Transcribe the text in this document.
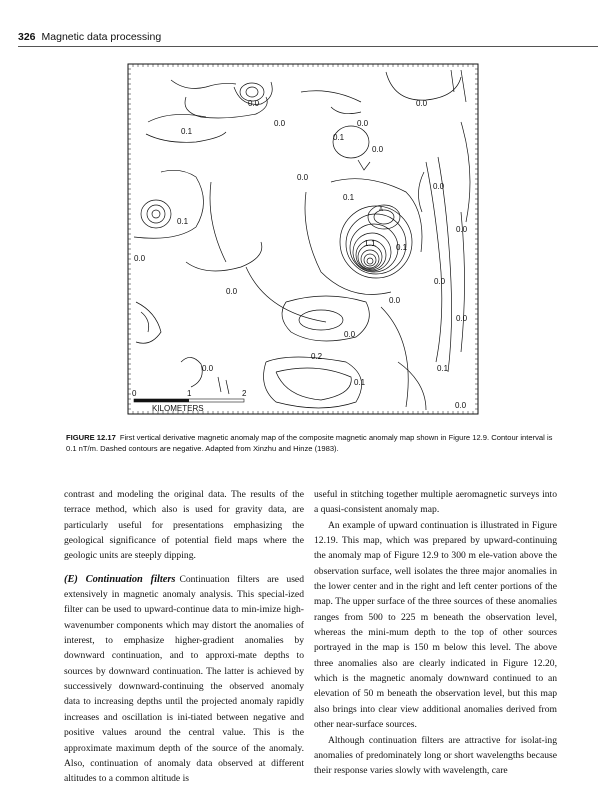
326 Magnetic data processing
0.0	0.0
0.1
0.0	0.0
0.1
0.0
0.0
0.0
0.1
0.0
0.1
0.0
1.1	0.1
0.0
0.0
0.0
0.0
0.0
0.2
0.0	0.1
0.1
0.0
A
0	1	2
KILOMETERS
FIGURE 12.17 First vertical derivative magnetic anomaly map of the composite magnetic anomaly map shown in Figure 12.9. Contour interval is 0.1 nT/m. Dashed contours are negative. Adapted from Xinzhu and Hinze (1983).

contrast and modeling the original data. The results of the terrace method, which also is used for gravity data, are particularly useful for presentations emphasizing the geological significance of potential field maps where the geologic units are steeply dipping.

(E) Continuation filters Continuation filters are used extensively in magnetic anomaly analysis. This special-ized filter can be used to upward-continue data to min-imize high-wavenumber components which may distort the anomalies of interest, to emphasize higher-gradient anomalies by downward continuation, and to approxi-mate depths to sources by downward continuation. The latter is achieved by successively downward-continuing the observed anomaly data to increasing depths until the projected anomaly rapidly increases and oscillation is ini-tiated between negative and positive values around the central value. This is the approximate maximum depth of the source of the anomaly. Also, continuation of anomaly data observed at different altitudes to a common altitude is

useful in stitching together multiple aeromagnetic surveys into a quasi-consistent anomaly map.

An example of upward continuation is illustrated in Figure 12.19. This map, which was prepared by upward-continuing the anomaly map of Figure 12.9 to 300 m ele-vation above the observation surface, well isolates the three major anomalies in the lower center and in the right and left center portions of the map. The upper surface of the three sources of these anomalies ranges from 500 to 225 m beneath the observation level, whereas the mini-mum depth to the top of other sources portrayed in the map is 150 m below this level. The above three anomalies also are clearly indicated in Figure 12.20, which is the magnetic anomaly downward continued to an elevation of 50 m beneath the observation level, but this map also brings into clear view additional anomalies derived from other near-surface sources.

Although continuation filters are attractive for isolat-ing anomalies of predominately long or short wavelengths because their response varies slowly with wavelength, care
